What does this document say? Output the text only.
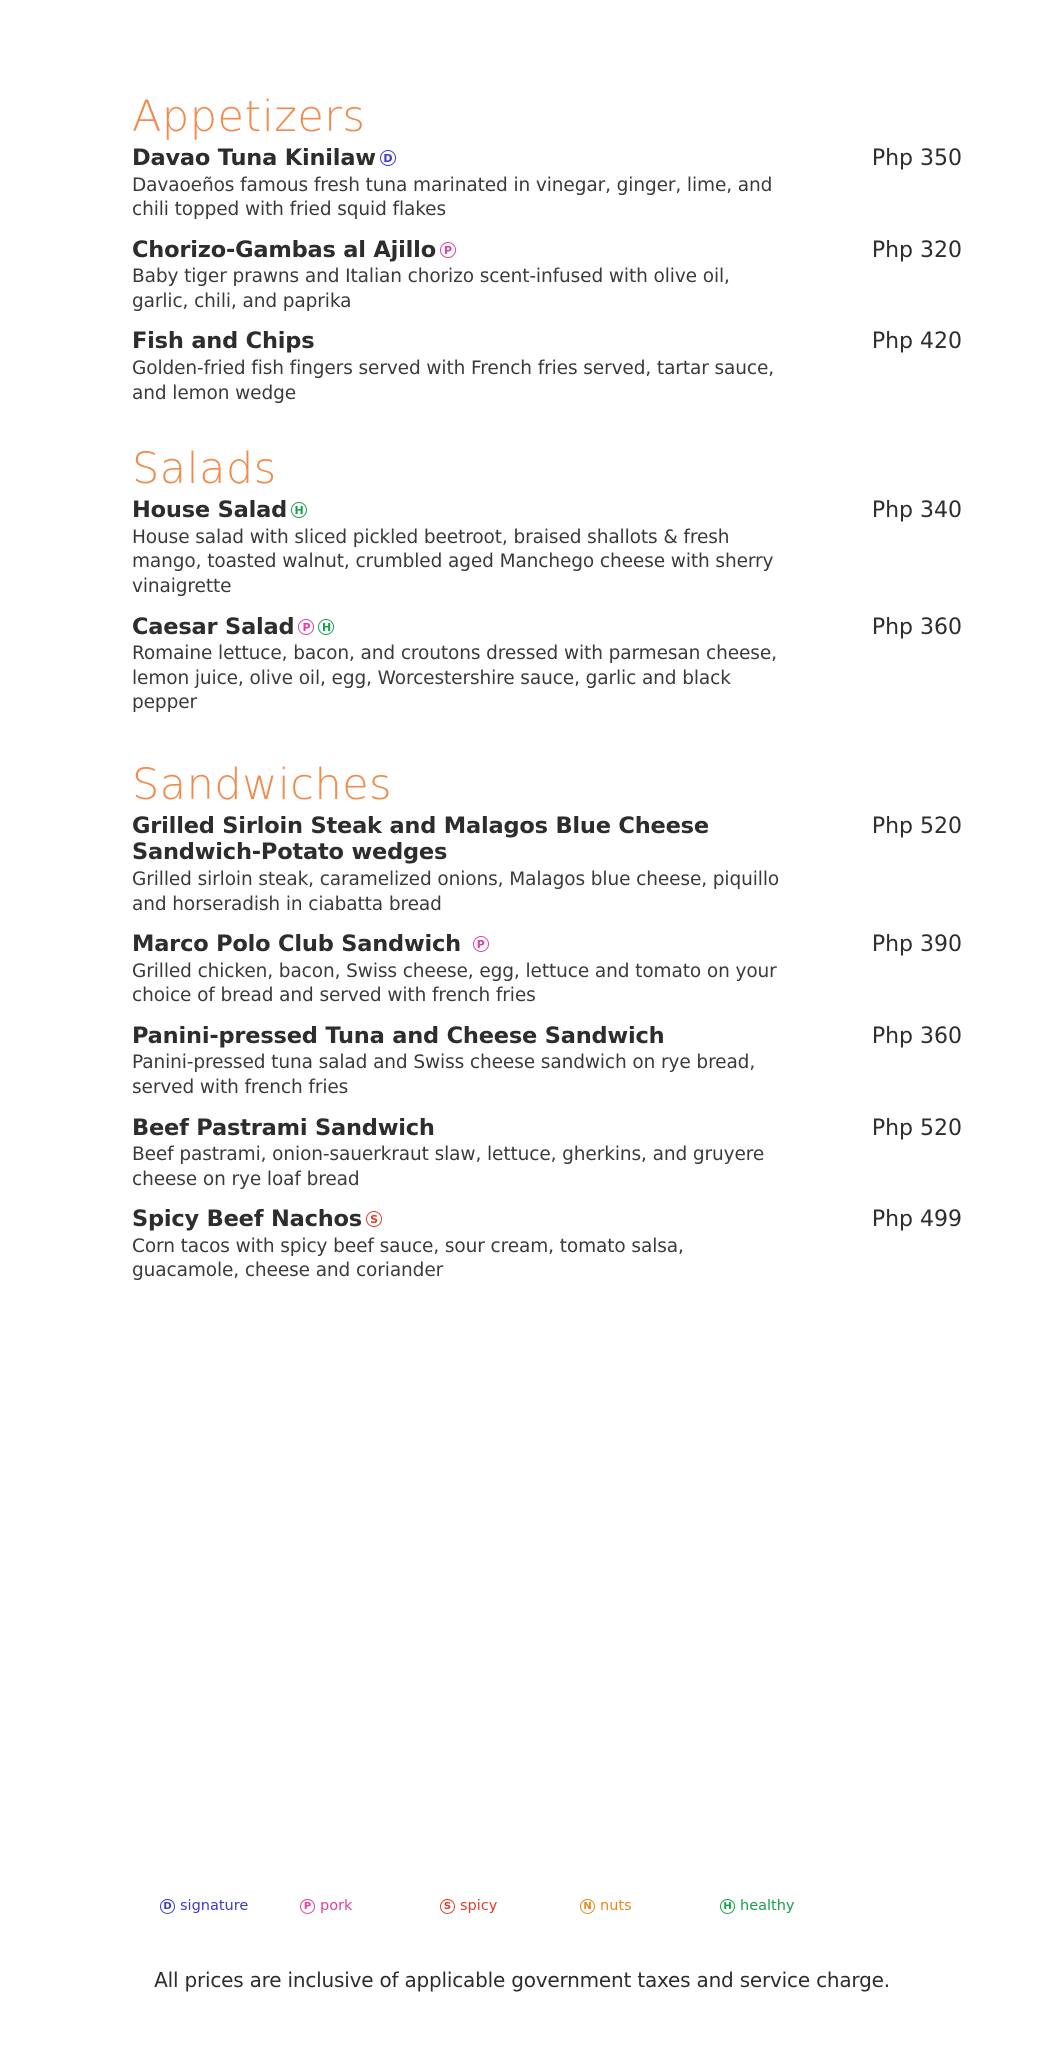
Appetizers
Davao Tuna Kinilaw D	Php 350
Davaoeños famous fresh tuna marinated in vinegar, ginger, lime, and chili topped with fried squid flakes
Chorizo-Gambas al Ajillo P	Php 320
Baby tiger prawns and Italian chorizo scent-infused with olive oil, garlic, chili, and paprika
Fish and Chips	Php 420
Golden-fried fish fingers served with French fries served, tartar sauce, and lemon wedge
Salads
House Salad H	Php 340
House salad with sliced pickled beetroot, braised shallots & fresh mango, toasted walnut, crumbled aged Manchego cheese with sherry vinaigrette
Caesar Salad P H	Php 360
Romaine lettuce, bacon, and croutons dressed with parmesan cheese, lemon juice, olive oil, egg, Worcestershire sauce, garlic and black pepper
Sandwiches
Grilled Sirloin Steak and Malagos Blue Cheese Sandwich-Potato wedges
Php 520
Grilled sirloin steak, caramelized onions, Malagos blue cheese, piquillo and horseradish in ciabatta bread
Marco Polo Club Sandwich P	Php 390
Grilled chicken, bacon, Swiss cheese, egg, lettuce and tomato on your choice of bread and served with french fries
Panini-pressed Tuna and Cheese Sandwich	Php 360
Panini-pressed tuna salad and Swiss cheese sandwich on rye bread, served with french fries
Beef Pastrami Sandwich	Php 520
Beef pastrami, onion-sauerkraut slaw, lettuce, gherkins, and gruyere cheese on rye loaf bread
Spicy Beef Nachos S	Php 499
Corn tacos with spicy beef sauce, sour cream, tomato salsa, guacamole, cheese and coriander
D signature	P pork	S spicy	N nuts	H healthy
All prices are inclusive of applicable government taxes and service charge.
